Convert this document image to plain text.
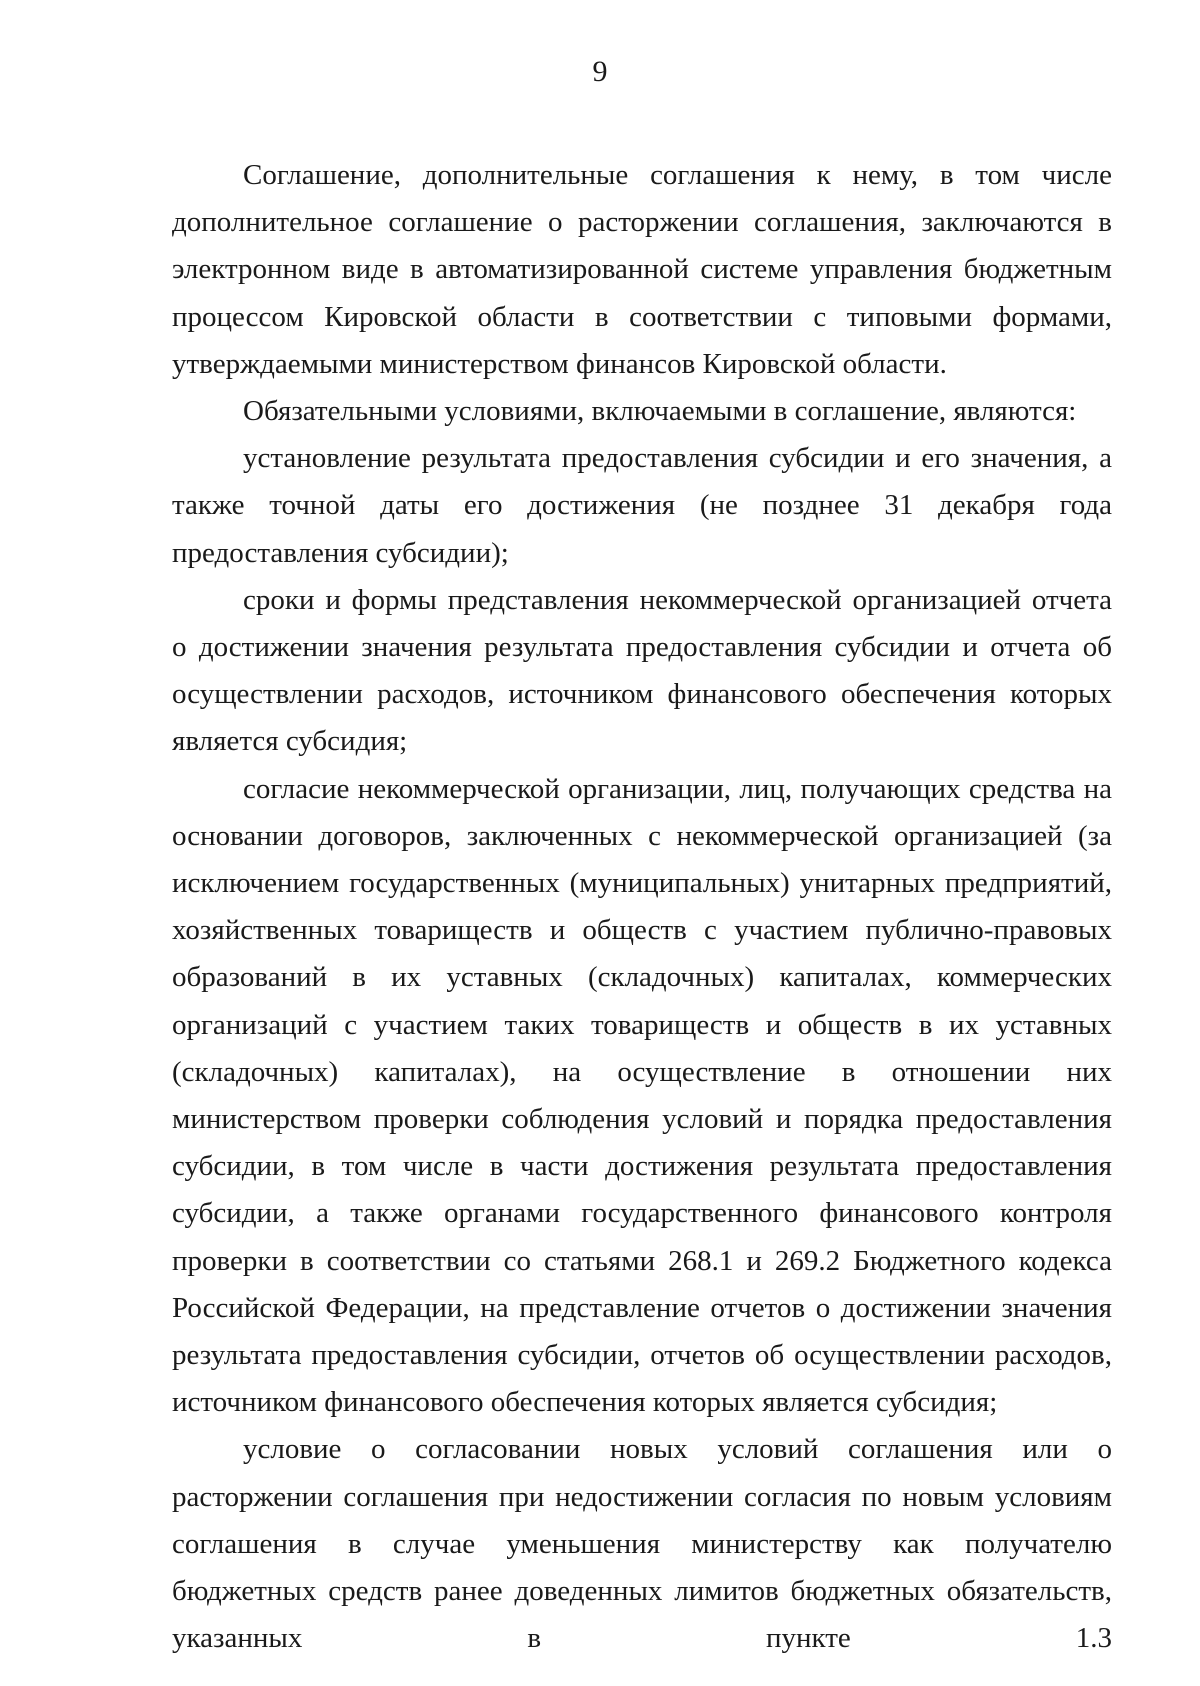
9

Соглашение, дополнительные соглашения к нему, в том числе дополнительное соглашение о расторжении соглашения, заключаются в электронном виде в автоматизированной системе управления бюджетным процессом Кировской области в соответствии с типовыми формами, утверждаемыми министерством финансов Кировской области.

Обязательными условиями, включаемыми в соглашение, являются:

установление результата предоставления субсидии и его значения, а также точной даты его достижения (не позднее 31 декабря года предоставления субсидии);

сроки и формы представления некоммерческой организацией отчета о достижении значения результата предоставления субсидии и отчета об осуществлении расходов, источником финансового обеспечения которых является субсидия;

согласие некоммерческой организации, лиц, получающих средства на основании договоров, заключенных с некоммерческой организацией (за исключением государственных (муниципальных) унитарных предприятий, хозяйственных товариществ и обществ с участием публично-правовых образований в их уставных (складочных) капиталах, коммерческих организаций с участием таких товариществ и обществ в их уставных (складочных) капиталах), на осуществление в отношении них министерством проверки соблюдения условий и порядка предоставления субсидии, в том числе в части достижения результата предоставления субсидии, а также органами государственного финансового контроля проверки в соответствии со статьями 268.1 и 269.2 Бюджетного кодекса Российской Федерации, на представление отчетов о достижении значения результата предоставления субсидии, отчетов об осуществлении расходов, источником финансового обеспечения которых является субсидия;

условие о согласовании новых условий соглашения или о расторжении соглашения при недостижении согласия по новым условиям соглашения в случае уменьшения министерству как получателю бюджетных средств ранее доведенных лимитов бюджетных обязательств, указанных в пункте 1.3
